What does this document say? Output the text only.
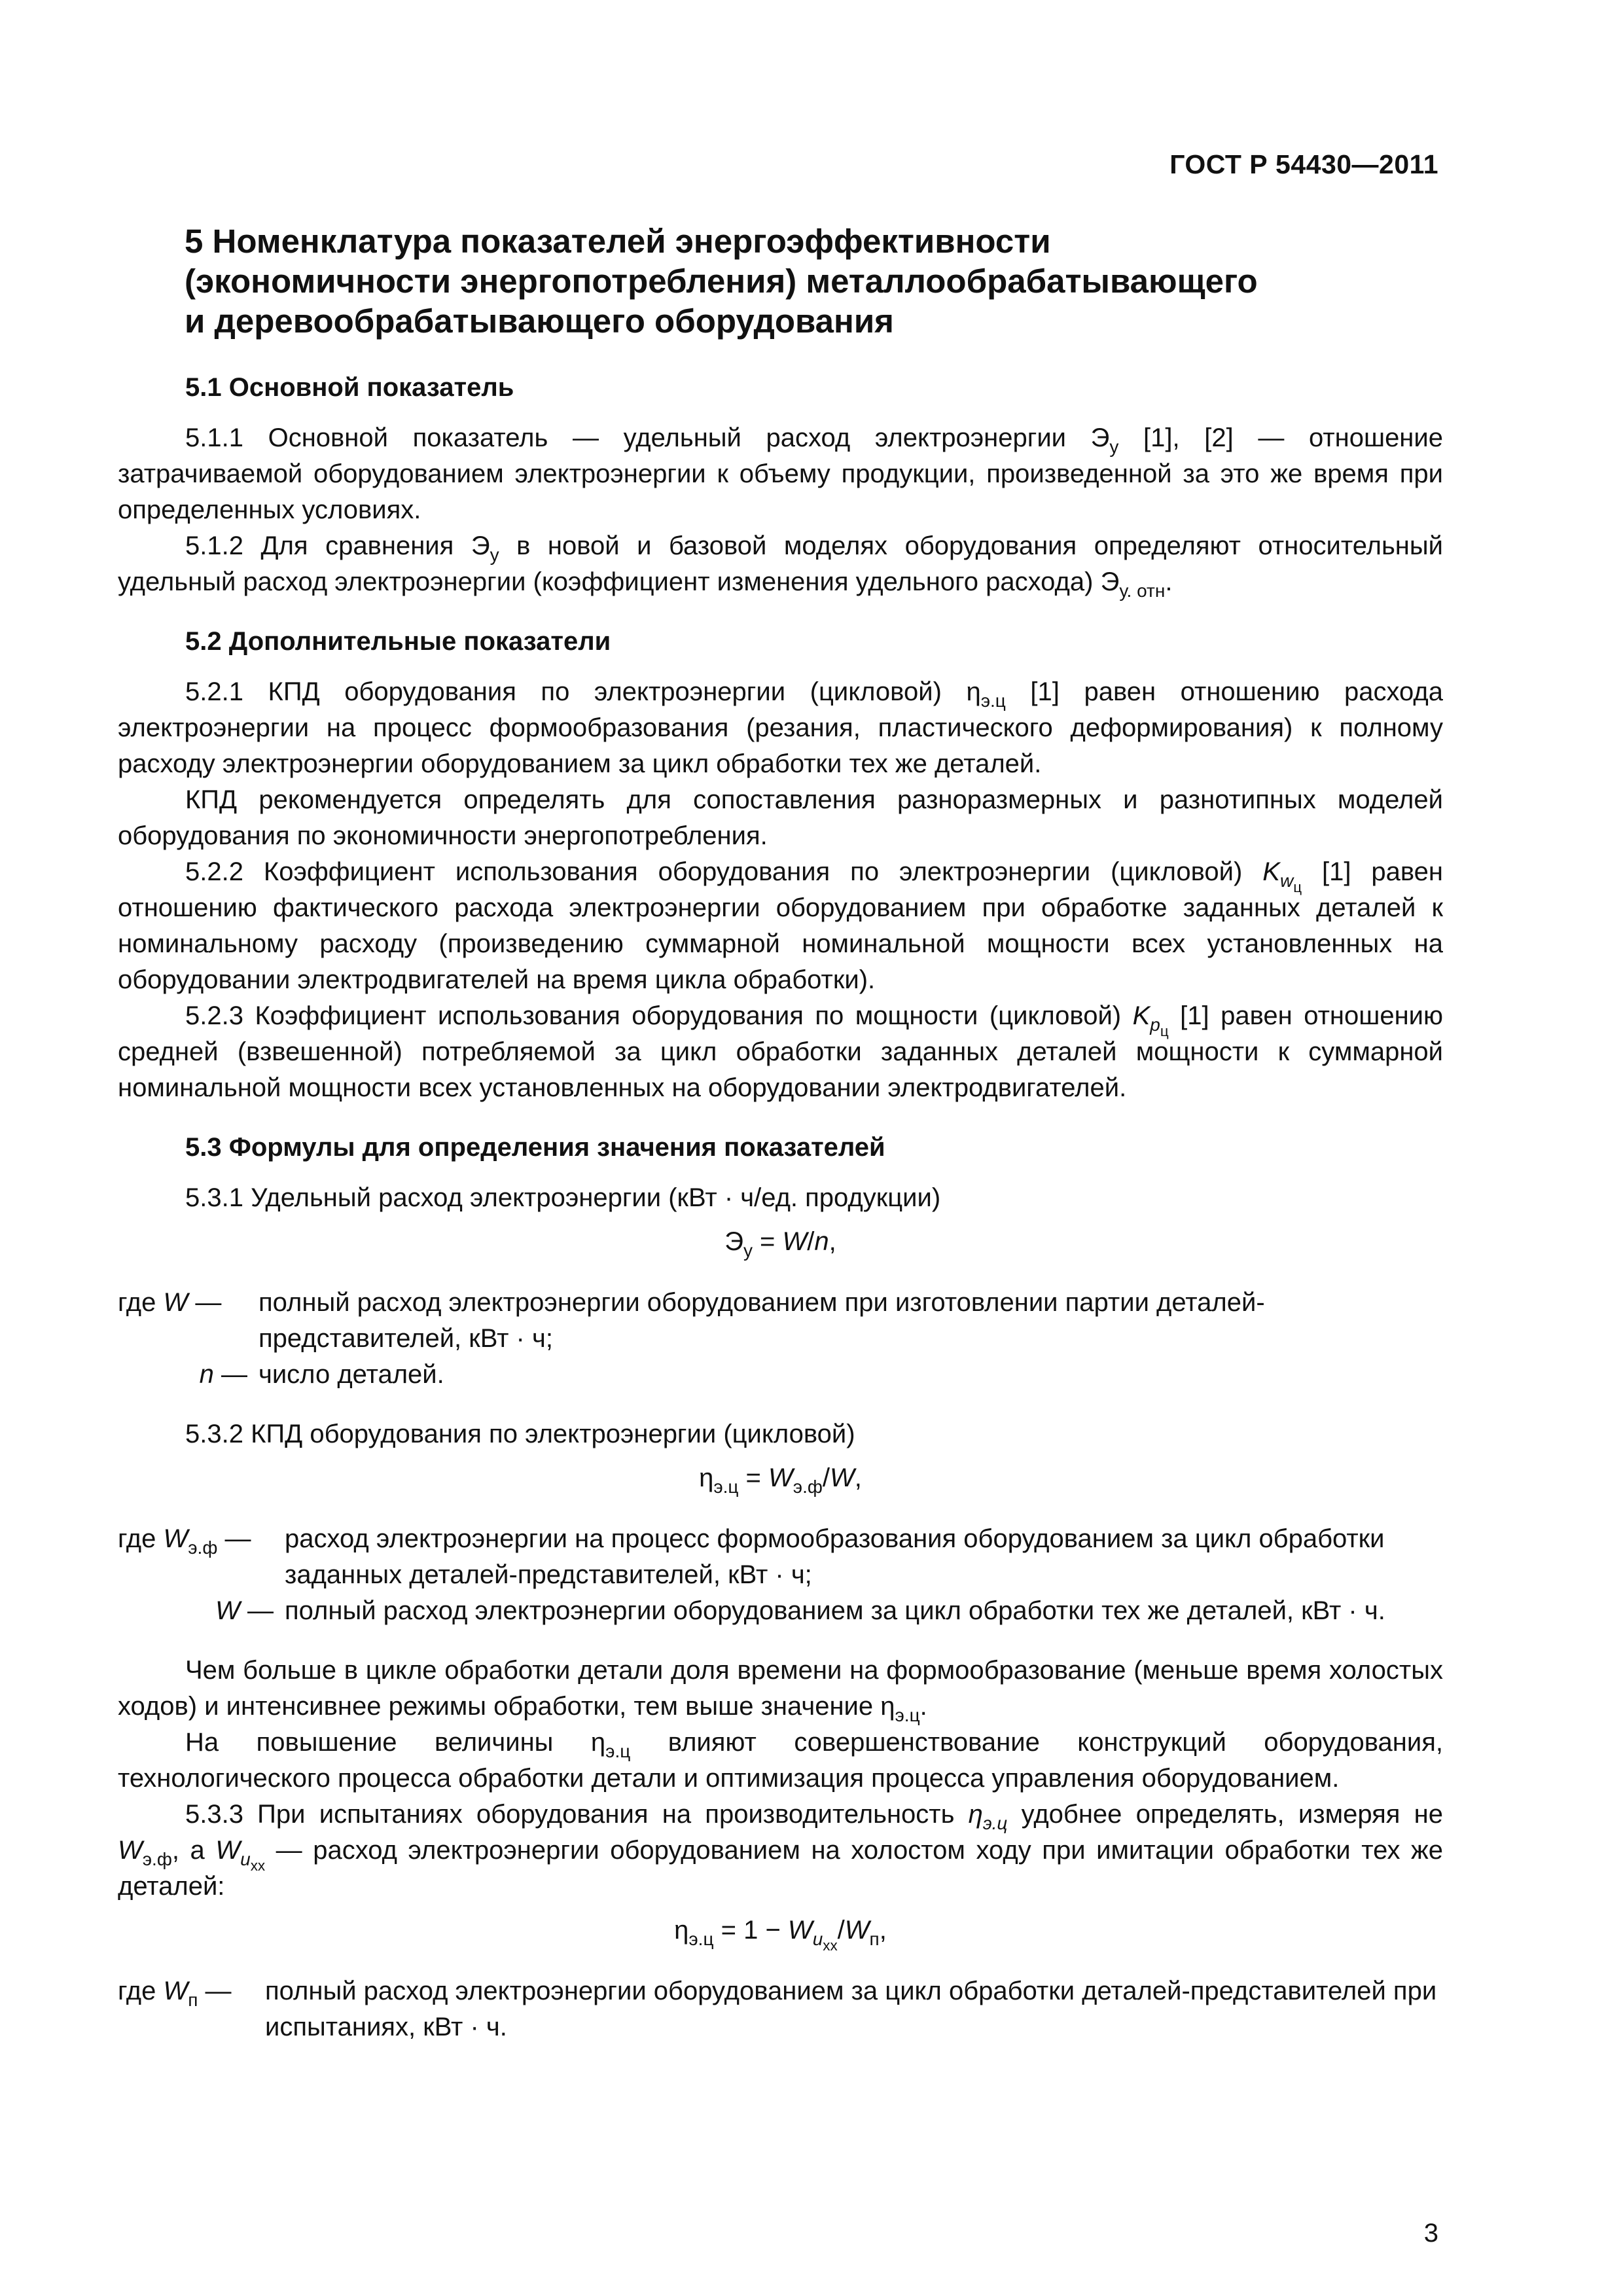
ГОСТ Р 54430—2011
5 Номенклатура показателей энергоэффективности
(экономичности энергопотребления) металлообрабатывающего
и деревообрабатывающего оборудования
5.1 Основной показатель

5.1.1 Основной показатель — удельный расход электроэнергии $Э_у$ [1], [2] — отношение затрачиваемой оборудованием электроэнергии к объему продукции, произведенной за это же время при определенных условиях.

5.1.2 Для сравнения $Э_у$ в новой и базовой моделях оборудования определяют относительный удельный расход электроэнергии (коэффициент изменения удельного расхода) $Э_{у. отн}$.

5.2 Дополнительные показатели

5.2.1 КПД оборудования по электроэнергии (цикловой) $\eta_{э.ц}$ [1] равен отношению расхода электроэнергии на процесс формообразования (резания, пластического деформирования) к полному расходу электроэнергии оборудованием за цикл обработки тех же деталей.

КПД рекомендуется определять для сопоставления разноразмерных и разнотипных моделей оборудования по экономичности энергопотребления.

5.2.2 Коэффициент использования оборудования по электроэнергии (цикловой) $K_{w_ц}$ [1] равен отношению фактического расхода электроэнергии оборудованием при обработке заданных деталей к номинальному расходу (произведению суммарной номинальной мощности всех установленных на оборудовании электродвигателей на время цикла обработки).

5.2.3 Коэффициент использования оборудования по мощности (цикловой) $K_{p_ц}$ [1] равен отношению средней (взвешенной) потребляемой за цикл обработки заданных деталей мощности к суммарной номинальной мощности всех установленных на оборудовании электродвигателей.

5.3 Формулы для определения значения показателей

5.3.1 Удельный расход электроэнергии (кВт · ч/ед. продукции)

$Э_у = W/n$,
где W —	полный расход электроэнергии оборудованием при изготовлении партии деталей-представителей, кВт · ч;
n — число деталей.

5.3.2 КПД оборудования по электроэнергии (цикловой)

$\eta_{э.ц} = W_{э.ф}/W$,
где $W_{э.ф}$ —	расход электроэнергии на процесс формообразования оборудованием за цикл обработки заданных деталей-представителей, кВт · ч;
W — полный расход электроэнергии оборудованием за цикл обработки тех же деталей, кВт · ч.

Чем больше в цикле обработки детали доля времени на формообразование (меньше время холостых ходов) и интенсивнее режимы обработки, тем выше значение $\eta_{э.ц}$.

На повышение величины $\eta_{э.ц}$ влияют совершенствование конструкций оборудования, технологического процесса обработки детали и оптимизация процесса управления оборудованием.

5.3.3 При испытаниях оборудования на производительность $\eta_{э.ц}$ удобнее определять, измеряя не $W_{э.ф}$, а $W_{u_{хх}}$ — расход электроэнергии оборудованием на холостом ходу при имитации обработки тех же деталей:

$\eta_{э.ц} = 1 - W_{u_{хх}}/W_п$,
где $W_п$ —	полный расход электроэнергии оборудованием за цикл обработки деталей-представителей при испытаниях, кВт · ч.
3
